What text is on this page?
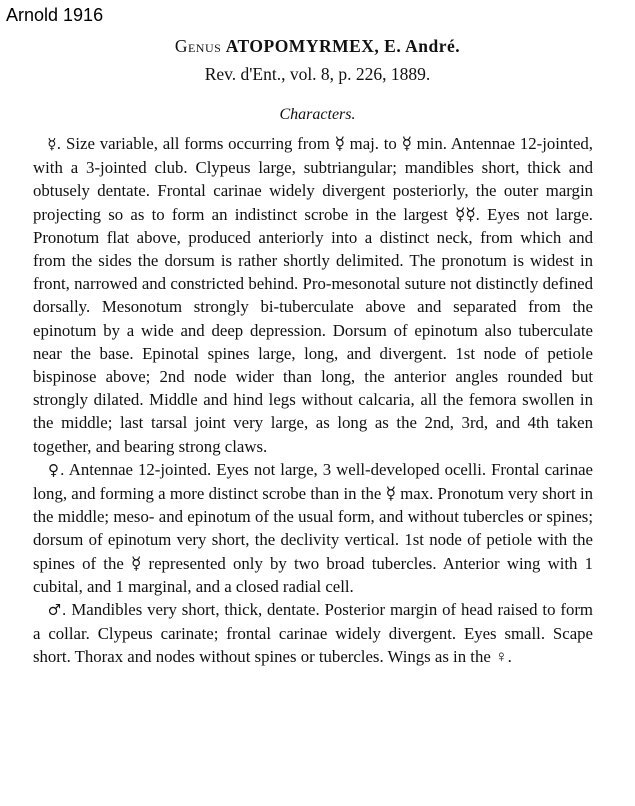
Arnold 1916
Genus ATOPOMYRMEX, E. André.
Rev. d'Ent., vol. 8, p. 226, 1889.
Characters.

☿. Size variable, all forms occurring from ☿ maj. to ☿ min. Antennae 12-jointed, with a 3-jointed club. Clypeus large, subtriangular; mandibles short, thick and obtusely dentate. Frontal carinae widely divergent posteriorly, the outer margin projecting so as to form an indistinct scrobe in the largest ☿☿. Eyes not large. Pronotum flat above, produced anteriorly into a distinct neck, from which and from the sides the dorsum is rather shortly delimited. The pronotum is widest in front, narrowed and constricted behind. Pro-mesonotal suture not distinctly defined dorsally. Mesonotum strongly bi-tuberculate above and separated from the epinotum by a wide and deep depression. Dorsum of epinotum also tuberculate near the base. Epinotal spines large, long, and divergent. 1st node of petiole bispinose above; 2nd node wider than long, the anterior angles rounded but strongly dilated. Middle and hind legs without calcaria, all the femora swollen in the middle; last tarsal joint very large, as long as the 2nd, 3rd, and 4th taken together, and bearing strong claws.

♀. Antennae 12-jointed. Eyes not large, 3 well-developed ocelli. Frontal carinae long, and forming a more distinct scrobe than in the ☿ max. Pronotum very short in the middle; meso- and epinotum of the usual form, and without tubercles or spines; dorsum of epinotum very short, the declivity vertical. 1st node of petiole with the spines of the ☿ represented only by two broad tubercles. Anterior wing with 1 cubital, and 1 marginal, and a closed radial cell.

♂. Mandibles very short, thick, dentate. Posterior margin of head raised to form a collar. Clypeus carinate; frontal carinae widely divergent. Eyes small. Scape short. Thorax and nodes without spines or tubercles. Wings as in the ♀.
